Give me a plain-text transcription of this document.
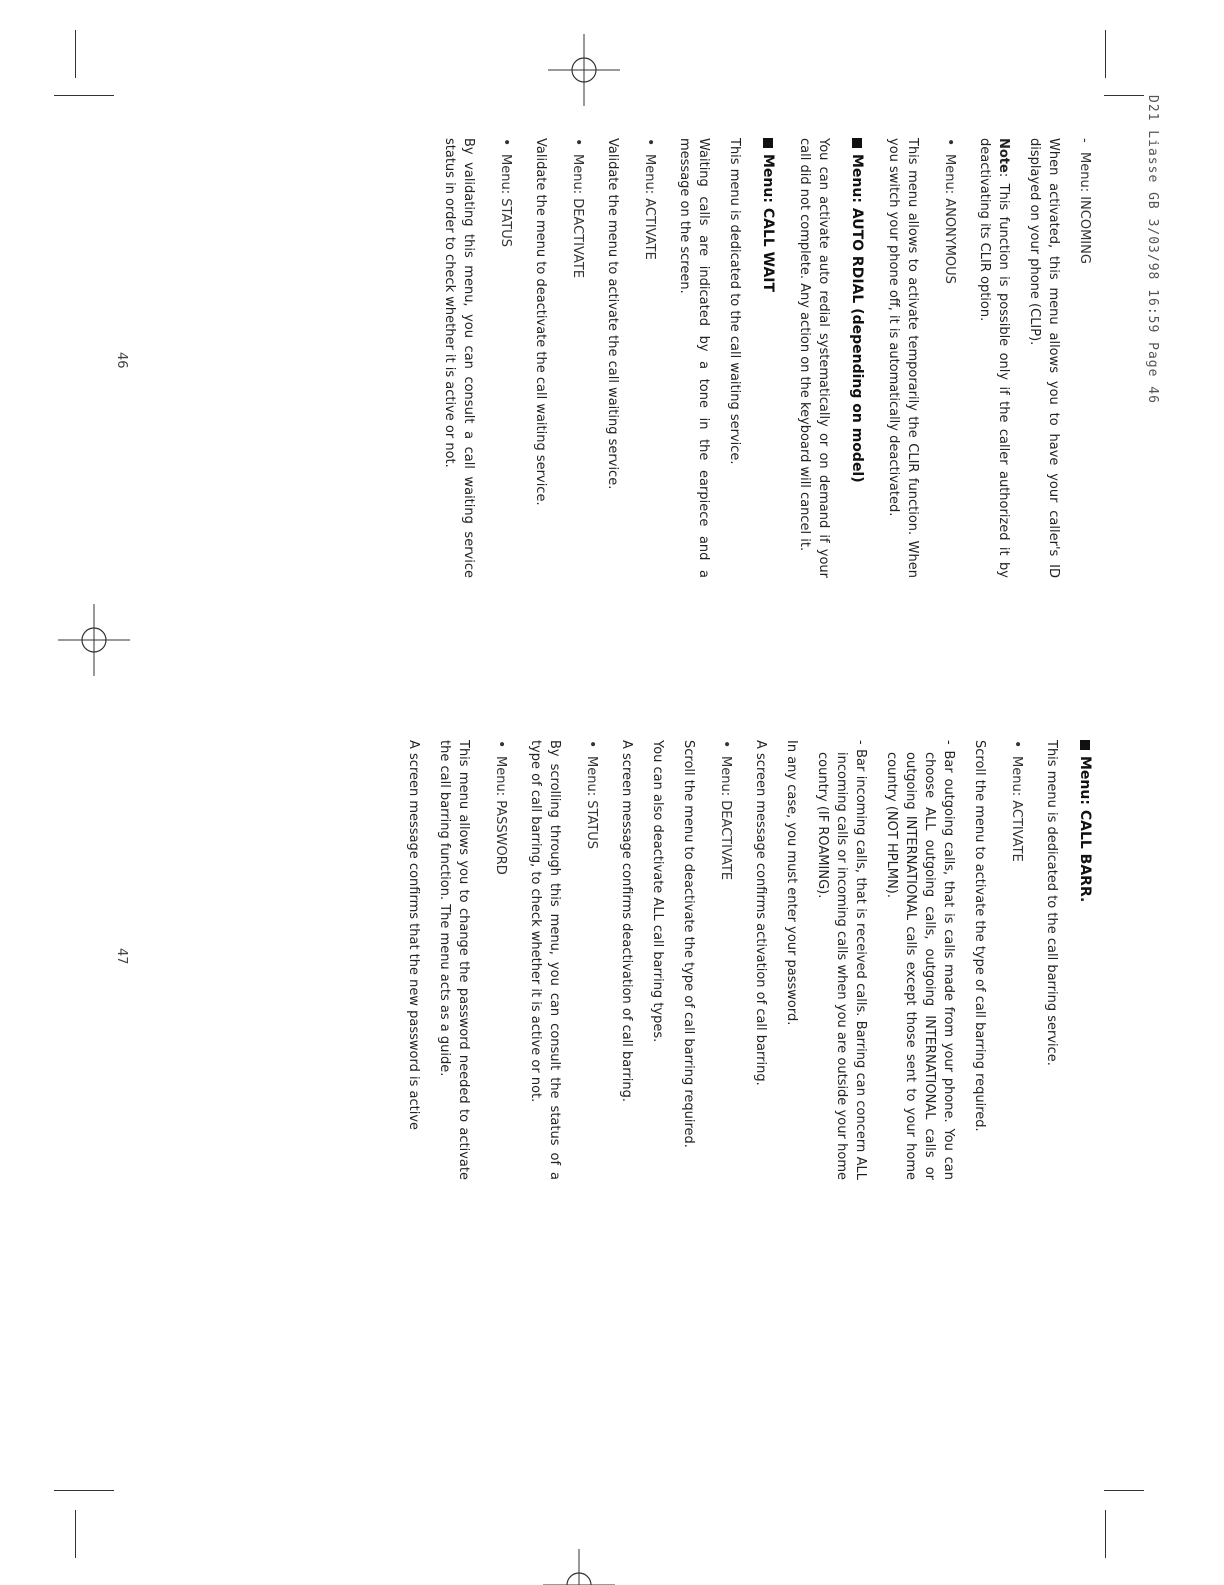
D21 Liasse GB 3/03/98 16:59 Page 46
-Menu: INCOMING

When activated, this menu allows you to have your caller's ID displayed on your phone (CLIP).

Note: This function is possible only if the caller authorized it by deactivating its CLIR option.

•Menu: ANONYMOUS

This menu allows to activate temporarily the CLIR function. When you switch your phone off, it is automatically deactivated.

Menu: AUTO RDIAL (depending on model)

You can activate auto redial systematically or on demand if your call did not complete. Any action on the keyboard will cancel it.

Menu: CALL WAIT

This menu is dedicated to the call waiting service.

Waiting calls are indicated by a tone in the earpiece and a message on the screen.

•Menu: ACTIVATE

Validate the menu to activate the call waiting service.

•Menu: DEACTIVATE

Validate the menu to deactivate the call waiting service.

•Menu: STATUS

By validating this menu, you can consult a call waiting service status in order to check whether it is active or not.

46
Menu: CALL BARR.

This menu is dedicated to the call barring service.

•Menu: ACTIVATE

Scroll the menu to activate the type of call barring required.

- Bar outgoing calls, that is calls made from your phone. You can choose ALL outgoing calls, outgoing INTERNATIONAL calls or outgoing INTERNATIONAL calls except those sent to your home country (NOT HPLMN).

- Bar incoming calls, that is received calls. Barring can concern ALL incoming calls or incoming calls when you are outside your home country (IF ROAMING).

In any case, you must enter your password.

A screen message confirms activation of call barring.

•Menu: DEACTIVATE

Scroll the menu to deactivate the type of call barring required.

You can also deactivate ALL call barring types.

A screen message confirms deactivation of call barring.

•Menu: STATUS

By scrolling through this menu, you can consult the status of a type of call barring, to check whether it is active or not.

•Menu: PASSWORD

This menu allows you to change the password needed to activate the call barring function. The menu acts as a guide.

A screen message confirms that the new password is active

47
